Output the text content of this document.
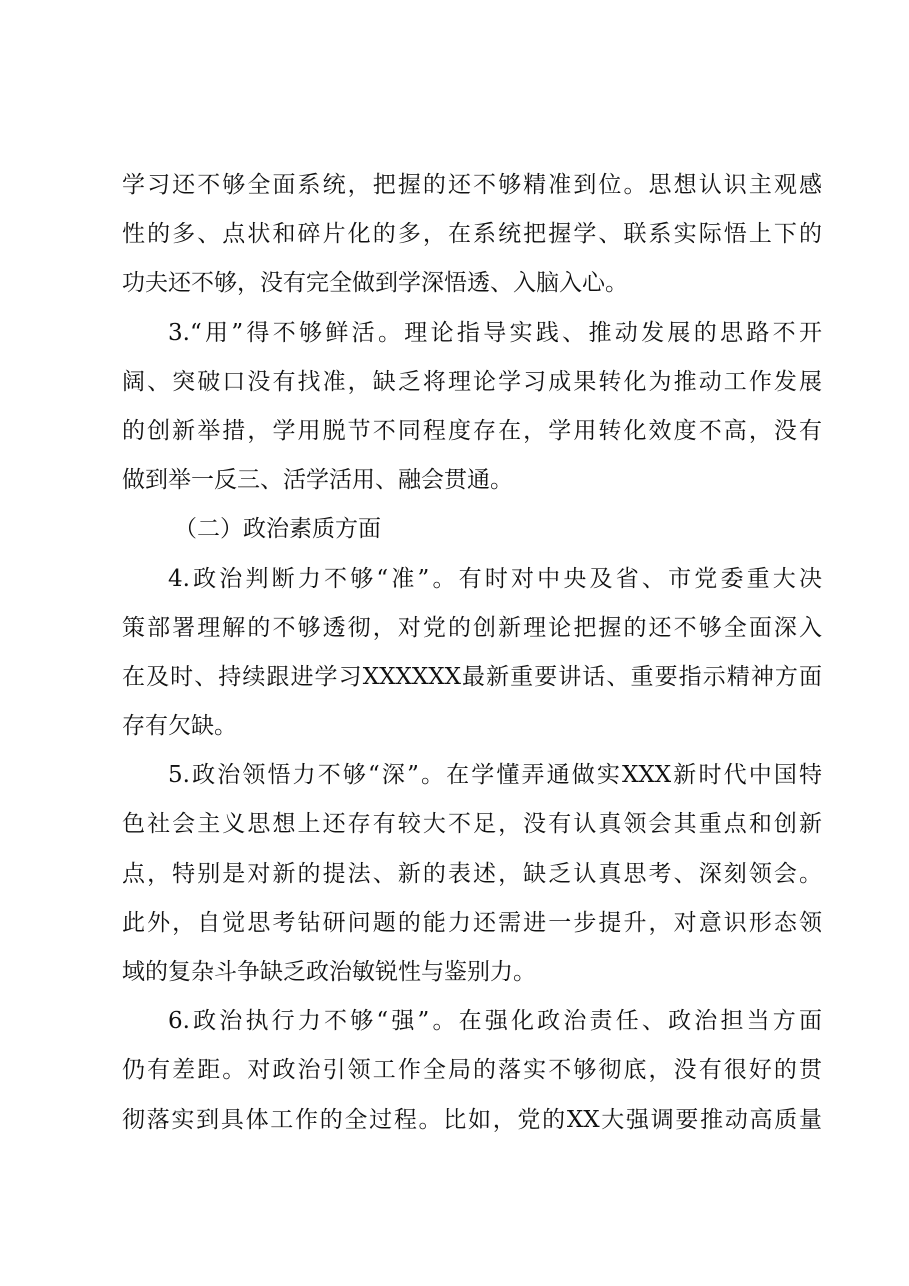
学习还不够全面系统，把握的还不够精准到位。思想认识主观感
性的多、点状和碎片化的多，在系统把握学、联系实际悟上下的
功夫还不够，没有完全做到学深悟透、入脑入心。
3.“用”得不够鲜活。理论指导实践、推动发展的思路不开
阔、突破口没有找准，缺乏将理论学习成果转化为推动工作发展
的创新举措，学用脱节不同程度存在，学用转化效度不高，没有
做到举一反三、活学活用、融会贯通。
（二）政治素质方面
4.政治判断力不够“准”。有时对中央及省、市党委重大决
策部署理解的不够透彻，对党的创新理论把握的还不够全面深入
在及时、持续跟进学习XXXXXX最新重要讲话、重要指示精神方面
存有欠缺。
5.政治领悟力不够“深”。在学懂弄通做实XXX新时代中国特
色社会主义思想上还存有较大不足，没有认真领会其重点和创新
点，特别是对新的提法、新的表述，缺乏认真思考、深刻领会。
此外，自觉思考钻研问题的能力还需进一步提升，对意识形态领
域的复杂斗争缺乏政治敏锐性与鉴别力。
6.政治执行力不够“强”。在强化政治责任、政治担当方面
仍有差距。对政治引领工作全局的落实不够彻底，没有很好的贯
彻落实到具体工作的全过程。比如，党的XX大强调要推动高质量
